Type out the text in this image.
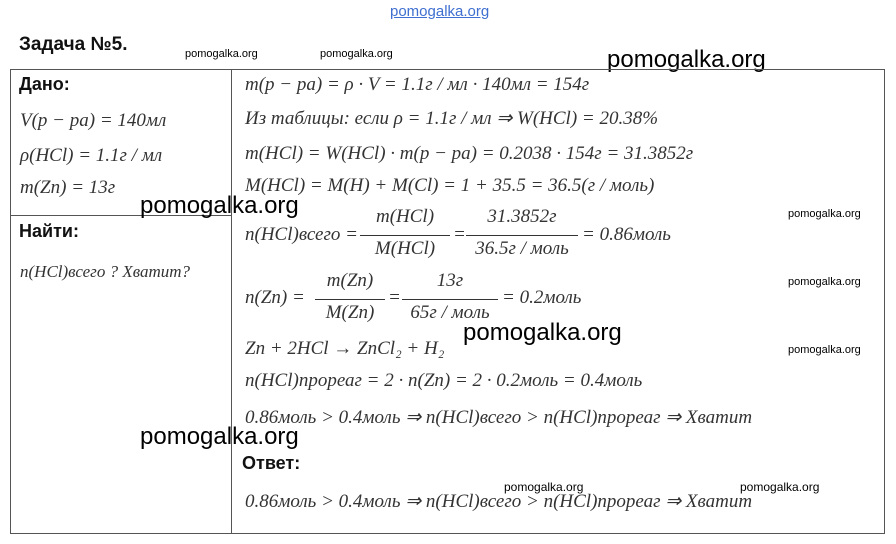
pomogalka.org
Задача №5.	pomogalka.org	pomogalka.org	pomogalka.org
Дано:
V(p − pa) = 140мл
ρ(HCl) = 1.1г / мл
m(Zn) = 13г
Найти:
n(HCl)всего ? Хватит?
pomogalka.org
pomogalka.org
m(p − pa) = ρ · V = 1.1г / мл · 140мл = 154г
Из таблицы: если ρ = 1.1г / мл ⇒ W(HCl) = 20.38%
m(HCl) = W(HCl) · m(p − pa) = 0.2038 · 154г = 31.3852г
M(HCl) = M(H) + M(Cl) = 1 + 35.5 = 36.5(г / моль)
n(HCl)всего =
m(HCl)
M(HCl)
=
31.3852г
36.5г / моль
= 0.86моль
n(Zn) =
m(Zn)
M(Zn)
=
13г
65г / моль
= 0.2моль
Zn + 2HCl → ZnCl₂ + H₂
n(HCl)прореаг = 2 · n(Zn) = 2 · 0.2моль = 0.4моль
0.86моль > 0.4моль ⇒ n(HCl)всего > n(HCl)прореаг ⇒ Хватит
Ответ:
0.86моль > 0.4моль ⇒ n(HCl)всего > n(HCl)прореаг ⇒ Хватит
pomogalka.org
pomogalka.org
pomogalka.org
pomogalka.org
pomogalka.org	pomogalka.org
